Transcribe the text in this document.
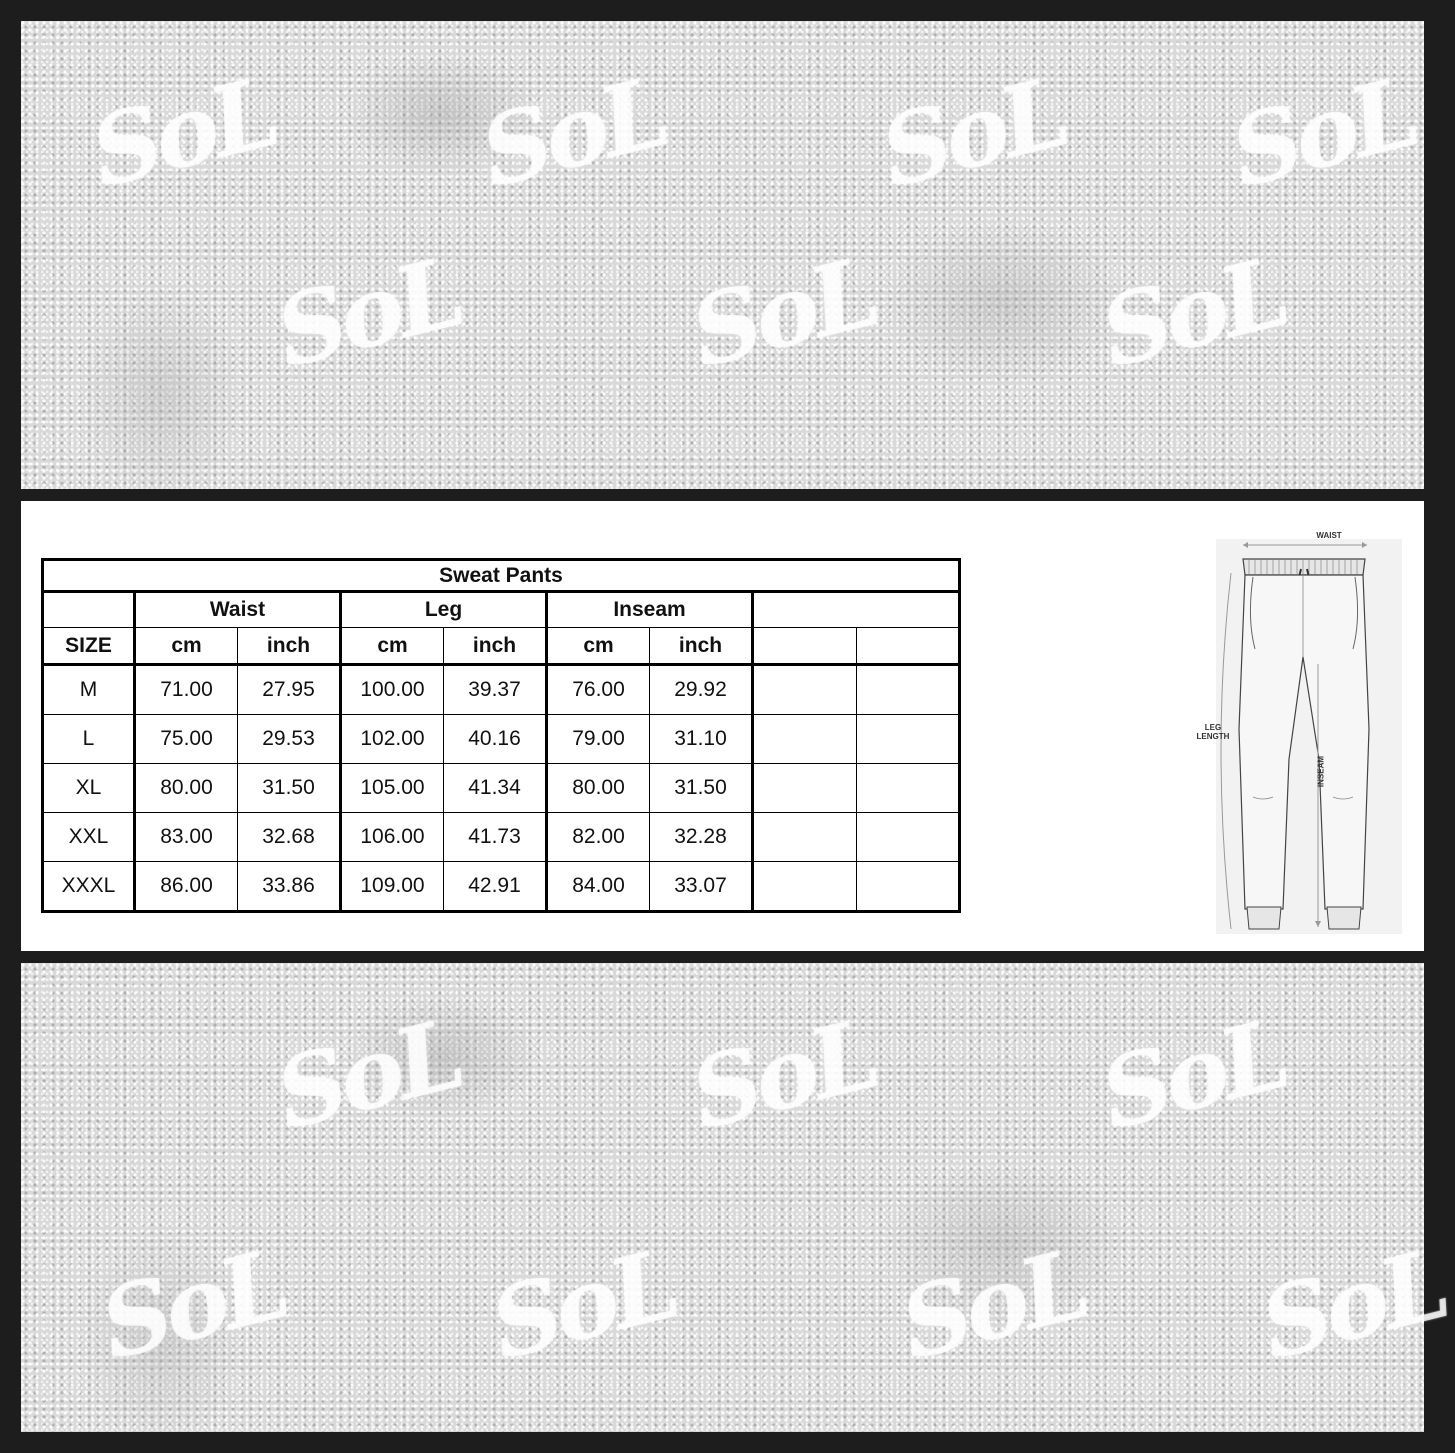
SoL SoL SoL SoL
SoL SoL SoL
Sweat Pants								
	Waist		Leg		Inseam			
SIZE	cm	inch	cm	inch	cm	inch		
M	71.00	27.95	100.00	39.37	76.00	29.92		
L	75.00	29.53	102.00	40.16	79.00	31.10		
XL	80.00	31.50	105.00	41.34	80.00	31.50		
XXL	83.00	32.68	106.00	41.73	82.00	32.28		
XXXL	86.00	33.86	109.00	42.91	84.00	33.07		
WAIST
LEG
LENGTH
INSEAM
SoL SoL SoL
SoL SoL SoL SoL
